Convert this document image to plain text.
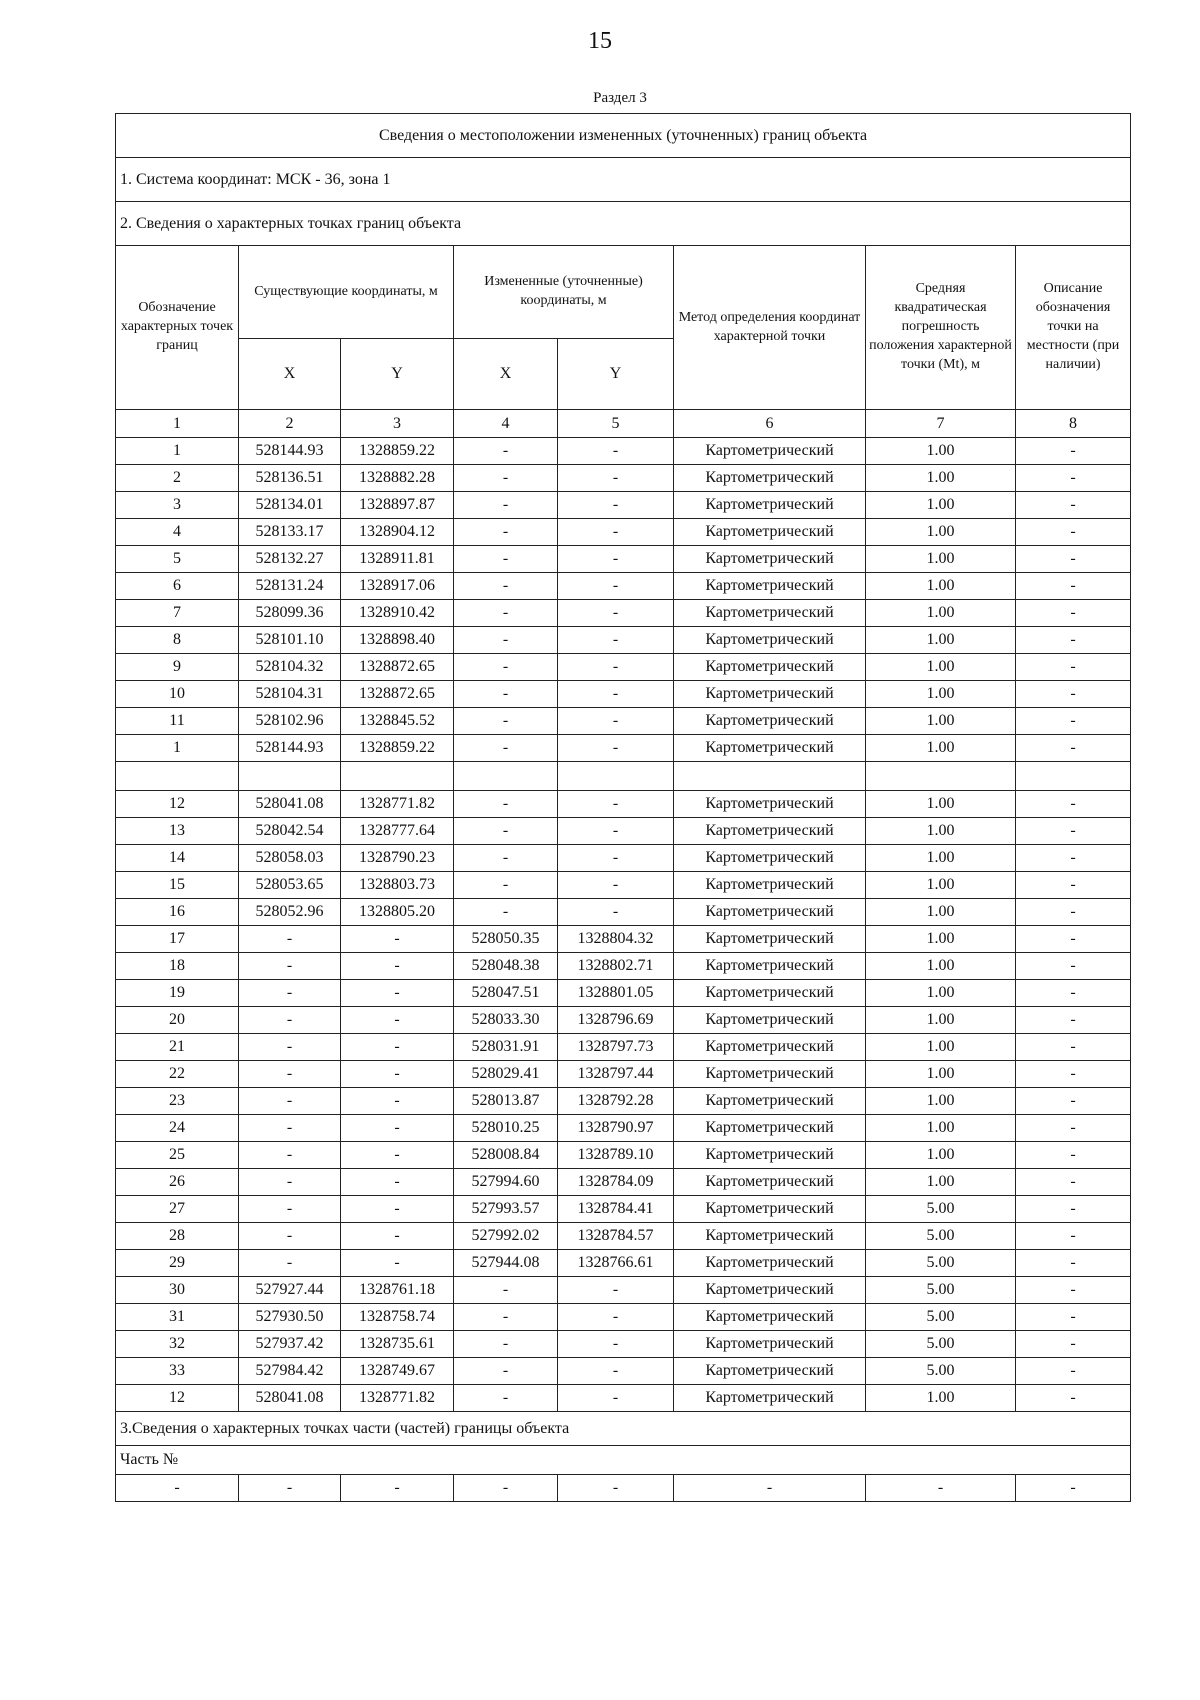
15
Раздел 3
Сведения о местоположении измененных (уточненных) границ объекта							
1. Система координат: МСК - 36, зона 1							
2. Сведения о характерных точках границ объекта							
Обозначение характерных точек границ	Существующие координаты, м		Измененные (уточненные) координаты, м		Метод определения координат характерной точки	Средняя квадратическая погрешность положения характерной точки (Mt), м	Описание обозначения точки на местности (при наличии)
	X	Y	X	Y			
1	2	3	4	5	6	7	8
1	528144.93	1328859.22	-	-	Картометрический	1.00	-
2	528136.51	1328882.28	-	-	Картометрический	1.00	-
3	528134.01	1328897.87	-	-	Картометрический	1.00	-
4	528133.17	1328904.12	-	-	Картометрический	1.00	-
5	528132.27	1328911.81	-	-	Картометрический	1.00	-
6	528131.24	1328917.06	-	-	Картометрический	1.00	-
7	528099.36	1328910.42	-	-	Картометрический	1.00	-
8	528101.10	1328898.40	-	-	Картометрический	1.00	-
9	528104.32	1328872.65	-	-	Картометрический	1.00	-
10	528104.31	1328872.65	-	-	Картометрический	1.00	-
11	528102.96	1328845.52	-	-	Картометрический	1.00	-
1	528144.93	1328859.22	-	-	Картометрический	1.00	-

12	528041.08	1328771.82	-	-	Картометрический	1.00	-
13	528042.54	1328777.64	-	-	Картометрический	1.00	-
14	528058.03	1328790.23	-	-	Картометрический	1.00	-
15	528053.65	1328803.73	-	-	Картометрический	1.00	-
16	528052.96	1328805.20	-	-	Картометрический	1.00	-
17	-	-	528050.35	1328804.32	Картометрический	1.00	-
18	-	-	528048.38	1328802.71	Картометрический	1.00	-
19	-	-	528047.51	1328801.05	Картометрический	1.00	-
20	-	-	528033.30	1328796.69	Картометрический	1.00	-
21	-	-	528031.91	1328797.73	Картометрический	1.00	-
22	-	-	528029.41	1328797.44	Картометрический	1.00	-
23	-	-	528013.87	1328792.28	Картометрический	1.00	-
24	-	-	528010.25	1328790.97	Картометрический	1.00	-
25	-	-	528008.84	1328789.10	Картометрический	1.00	-
26	-	-	527994.60	1328784.09	Картометрический	1.00	-
27	-	-	527993.57	1328784.41	Картометрический	5.00	-
28	-	-	527992.02	1328784.57	Картометрический	5.00	-
29	-	-	527944.08	1328766.61	Картометрический	5.00	-
30	527927.44	1328761.18	-	-	Картометрический	5.00	-
31	527930.50	1328758.74	-	-	Картометрический	5.00	-
32	527937.42	1328735.61	-	-	Картометрический	5.00	-
33	527984.42	1328749.67	-	-	Картометрический	5.00	-
12	528041.08	1328771.82	-	-	Картометрический	1.00	-
3.Сведения о характерных точках части (частей) границы объекта							
Часть №							
-	-	-	-	-	-	-	-
